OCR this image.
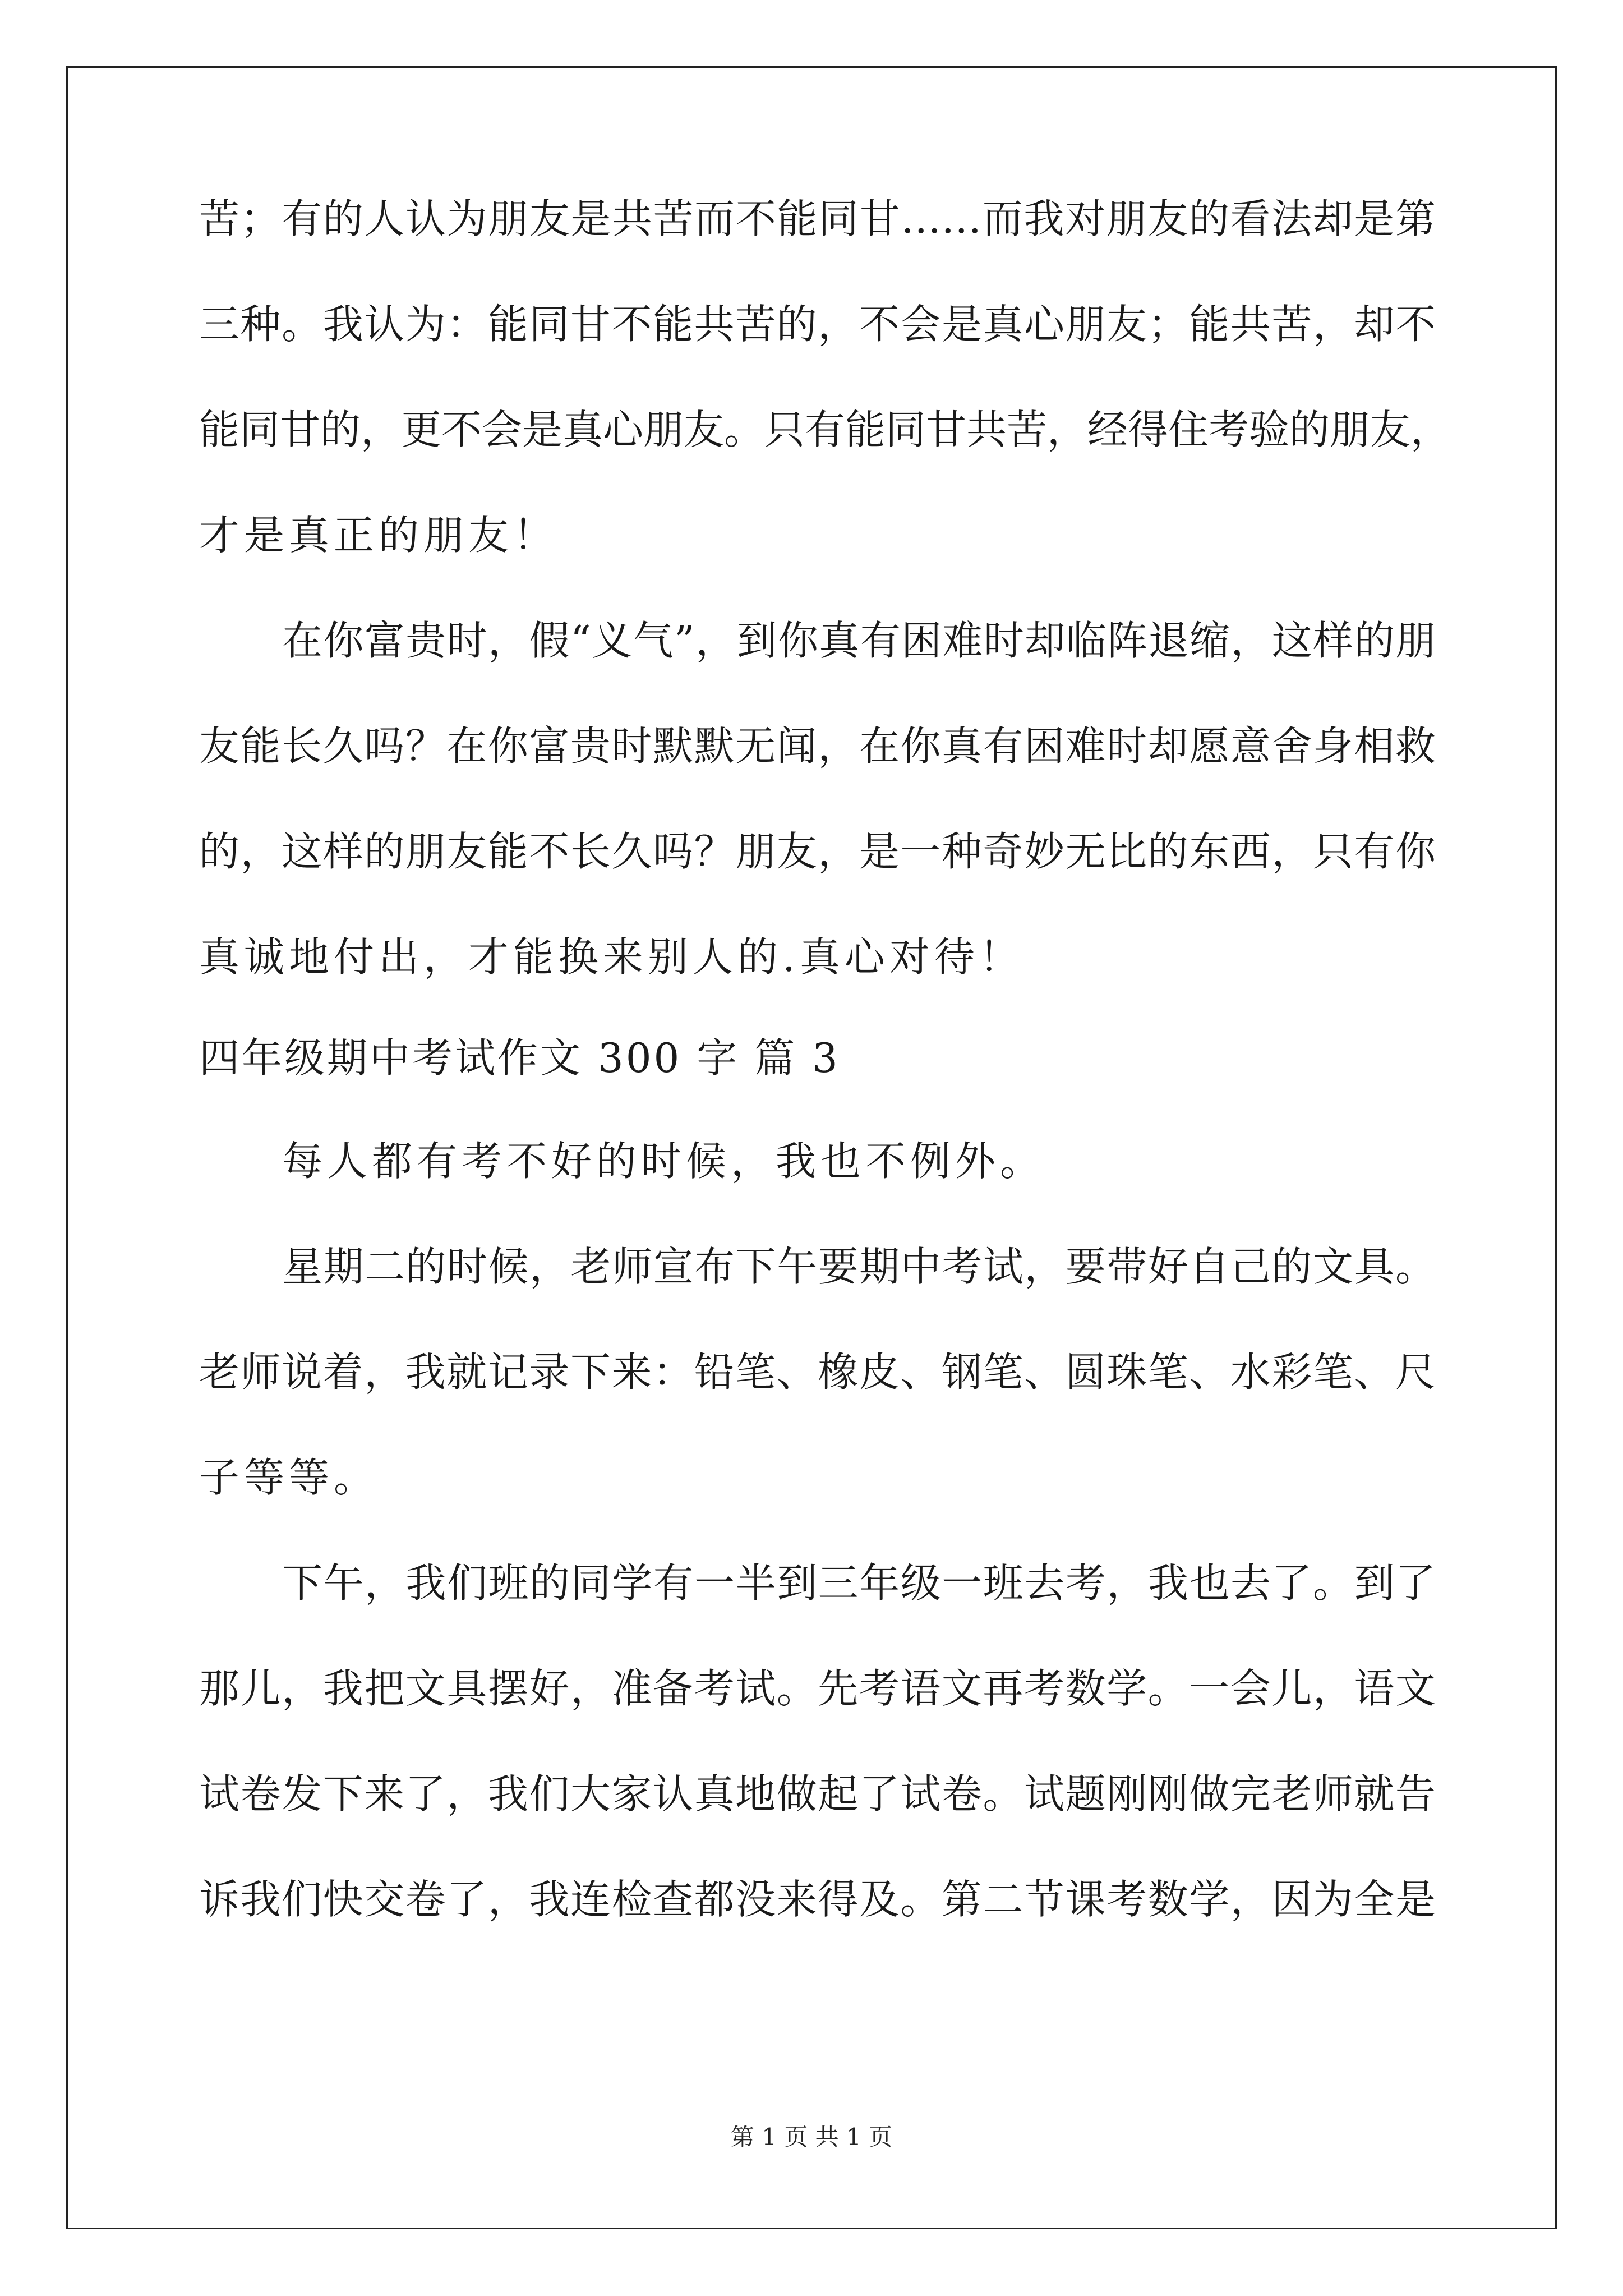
苦；有的人认为朋友是共苦而不能同甘……而我对朋友的看法却是第
三种。我认为：能同甘不能共苦的，不会是真心朋友；能共苦，却不
能同甘的，更不会是真心朋友。只有能同甘共苦，经得住考验的朋友，
才是真正的朋友！
在你富贵时，假“义气”，到你真有困难时却临阵退缩，这样的朋
友能长久吗？在你富贵时默默无闻，在你真有困难时却愿意舍身相救
的，这样的朋友能不长久吗？朋友，是一种奇妙无比的东西，只有你
真诚地付出，才能换来别人的.真心对待！
四年级期中考试作文 300 字 篇 3
每人都有考不好的时候，我也不例外。
星期二的时候，老师宣布下午要期中考试，要带好自己的文具。
老师说着，我就记录下来：铅笔、橡皮、钢笔、圆珠笔、水彩笔、尺
子等等。
下午，我们班的同学有一半到三年级一班去考，我也去了。到了
那儿，我把文具摆好，准备考试。先考语文再考数学。一会儿，语文
试卷发下来了，我们大家认真地做起了试卷。试题刚刚做完老师就告
诉我们快交卷了，我连检查都没来得及。第二节课考数学，因为全是
第 1 页 共 1 页
